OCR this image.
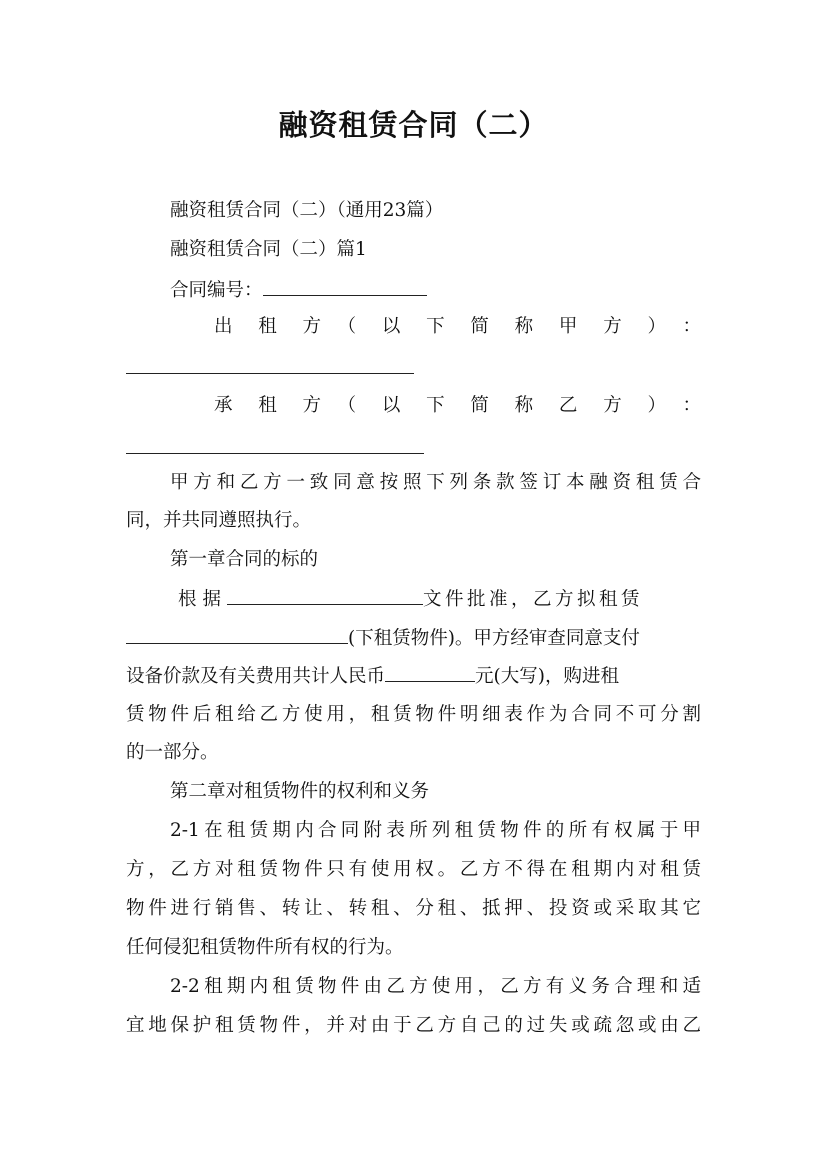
融资租赁合同（二）
融资租赁合同（二）（通用23篇）
融资租赁合同（二）篇1
合同编号：
出　租　方　（　以　下　简　称　甲　方　）　：
承　租　方　（　以　下　简　称　乙　方　）　：
甲方和乙方一致同意按照下列条款签订本融资租赁合
同，并共同遵照执行。
第一章合同的标的
根据	文件批准，乙方拟租赁
(下租赁物件)。甲方经审查同意支付
设备价款及有关费用共计人民币	元(大写)，购进租
赁物件后租给乙方使用，租赁物件明细表作为合同不可分割
的一部分。
第二章对租赁物件的权利和义务
2-1在租赁期内合同附表所列租赁物件的所有权属于甲
方，乙方对租赁物件只有使用权。乙方不得在租期内对租赁
物件进行销售、转让、转租、分租、抵押、投资或采取其它
任何侵犯租赁物件所有权的行为。
2-2租期内租赁物件由乙方使用，乙方有义务合理和适
宜地保护租赁物件，并对由于乙方自己的过失或疏忽或由乙
